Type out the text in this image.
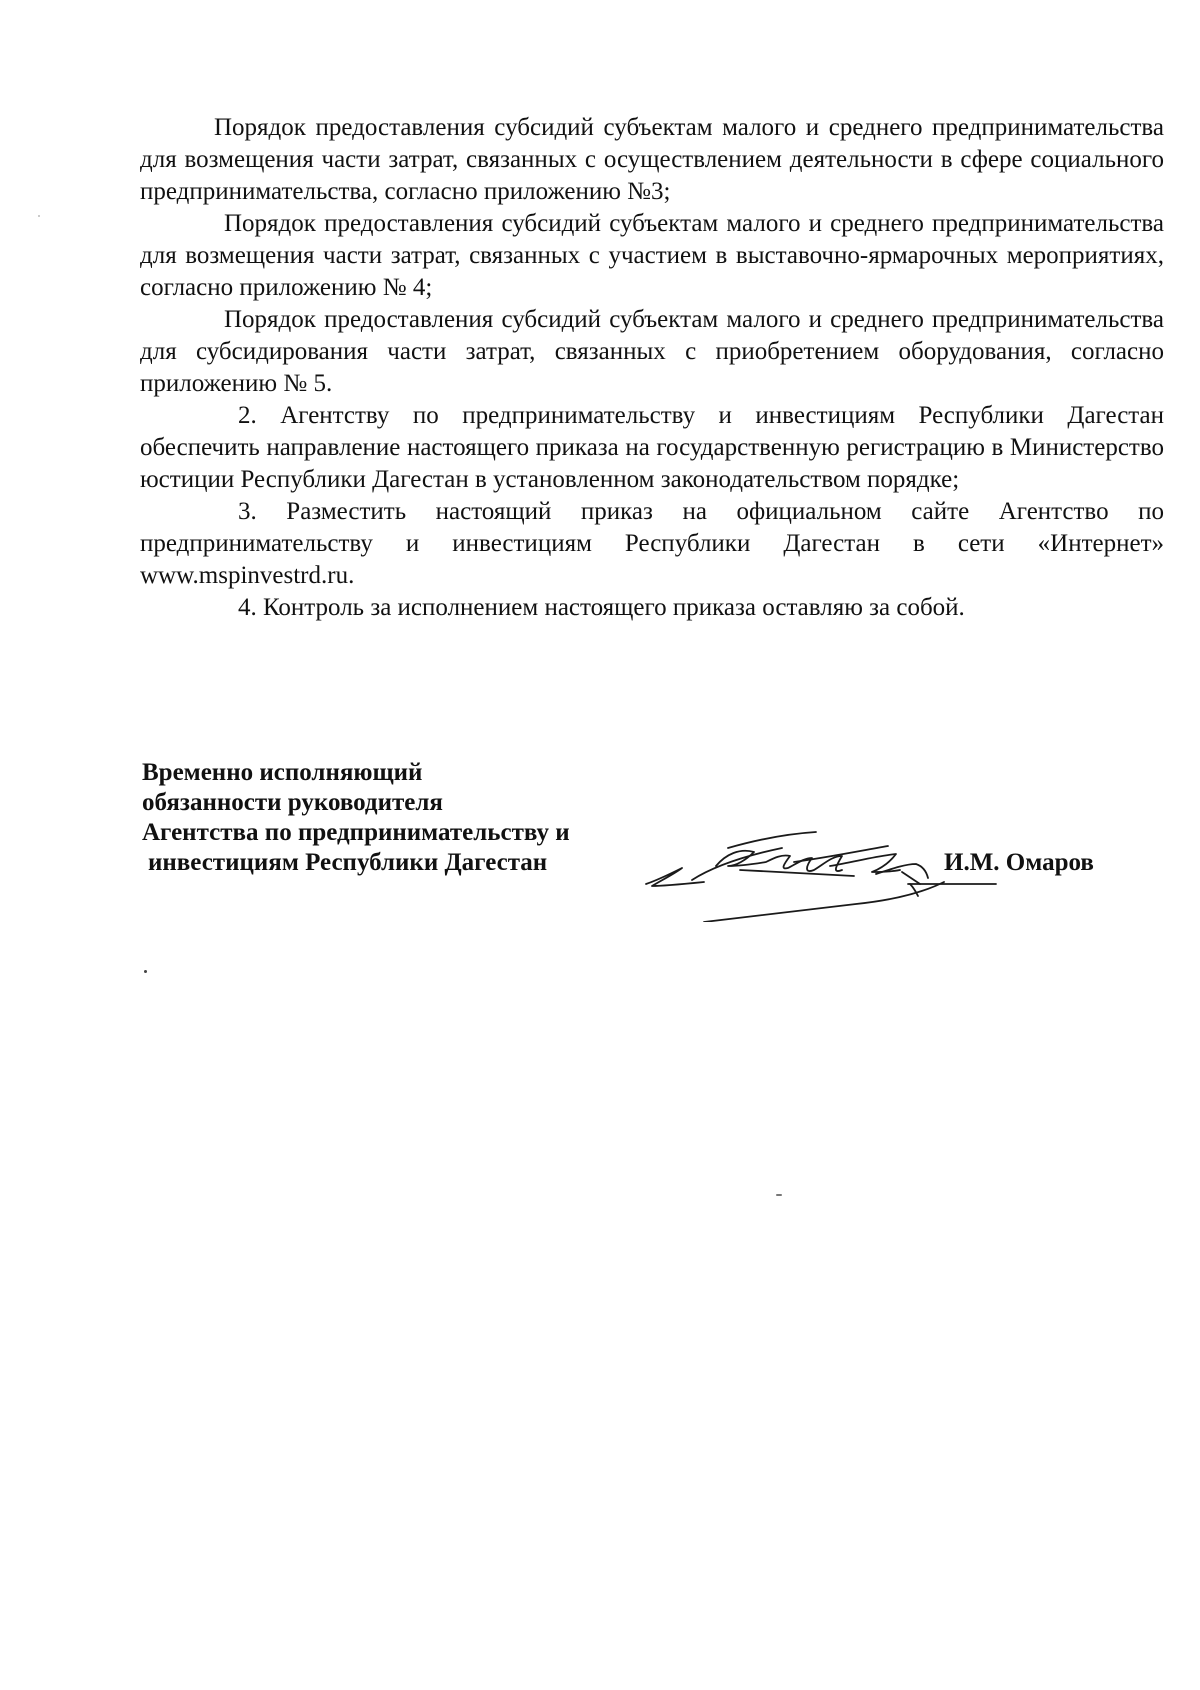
Порядок предоставления субсидий субъектам малого и среднего предпринимательства для возмещения части затрат, связанных с осуществлением деятельности в сфере социального предпринимательства, согласно приложению №3;

Порядок предоставления субсидий субъектам малого и среднего предпринимательства для возмещения части затрат, связанных с участием в выставочно-ярмарочных мероприятиях, согласно приложению № 4;

Порядок предоставления субсидий субъектам малого и среднего предпринимательства для субсидирования части затрат, связанных с приобретением оборудования, согласно приложению № 5.

2. Агентству по предпринимательству и инвестициям Республики Дагестан обеспечить направление настоящего приказа на государственную регистрацию в Министерство юстиции Республики Дагестан в установленном законодательством порядке;

3. Разместить настоящий приказ на официальном сайте Агентство по предпринимательству и инвестициям Республики Дагестан в сети «Интернет» www.mspinvestrd.ru.

4. Контроль за исполнением настоящего приказа оставляю за собой.

Временно исполняющий
обязанности руководителя
Агентства по предпринимательству и
инвестициям Республики Дагестан	И.М. Омаров
